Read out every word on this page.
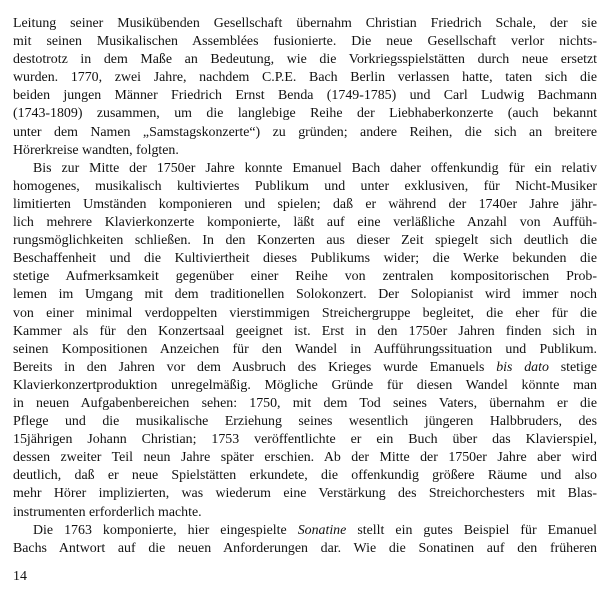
Leitung seiner Musikübenden Gesellschaft übernahm Christian Friedrich Schale, der sie
mit seinen Musikalischen Assemblées fusionierte. Die neue Gesellschaft verlor nichts-
destotrotz in dem Maße an Bedeutung, wie die Vorkriegsspielstätten durch neue ersetzt
wurden. 1770, zwei Jahre, nachdem C.P.E. Bach Berlin verlassen hatte, taten sich die
beiden jungen Männer Friedrich Ernst Benda (1749-1785) und Carl Ludwig Bachmann
(1743-1809) zusammen, um die langlebige Reihe der Liebhaberkonzerte (auch bekannt
unter dem Namen „Samstagskonzerte“) zu gründen; andere Reihen, die sich an breitere
Hörerkreise wandten, folgten.
Bis zur Mitte der 1750er Jahre konnte Emanuel Bach daher offenkundig für ein relativ
homogenes, musikalisch kultiviertes Publikum und unter exklusiven, für Nicht-Musiker
limitierten Umständen komponieren und spielen; daß er während der 1740er Jahre jähr-
lich mehrere Klavierkonzerte komponierte, läßt auf eine verläßliche Anzahl von Auffüh-
rungsmöglichkeiten schließen. In den Konzerten aus dieser Zeit spiegelt sich deutlich die
Beschaffenheit und die Kultiviertheit dieses Publikums wider; die Werke bekunden die
stetige Aufmerksamkeit gegenüber einer Reihe von zentralen kompositorischen Prob-
lemen im Umgang mit dem traditionellen Solokonzert. Der Solopianist wird immer noch
von einer minimal verdoppelten vierstimmigen Streichergruppe begleitet, die eher für die
Kammer als für den Konzertsaal geeignet ist. Erst in den 1750er Jahren finden sich in
seinen Kompositionen Anzeichen für den Wandel in Aufführungssituation und Publikum.
Bereits in den Jahren vor dem Ausbruch des Krieges wurde Emanuels bis dato stetige
Klavierkonzertproduktion unregelmäßig. Mögliche Gründe für diesen Wandel könnte man
in neuen Aufgabenbereichen sehen: 1750, mit dem Tod seines Vaters, übernahm er die
Pflege und die musikalische Erziehung seines wesentlich jüngeren Halbbruders, des
15jährigen Johann Christian; 1753 veröffentlichte er ein Buch über das Klavierspiel,
dessen zweiter Teil neun Jahre später erschien. Ab der Mitte der 1750er Jahre aber wird
deutlich, daß er neue Spielstätten erkundete, die offenkundig größere Räume und also
mehr Hörer implizierten, was wiederum eine Verstärkung des Streichorchesters mit Blas-
instrumenten erforderlich machte.
Die 1763 komponierte, hier eingespielte Sonatine stellt ein gutes Beispiel für Emanuel
Bachs Antwort auf die neuen Anforderungen dar. Wie die Sonatinen auf den früheren
14
